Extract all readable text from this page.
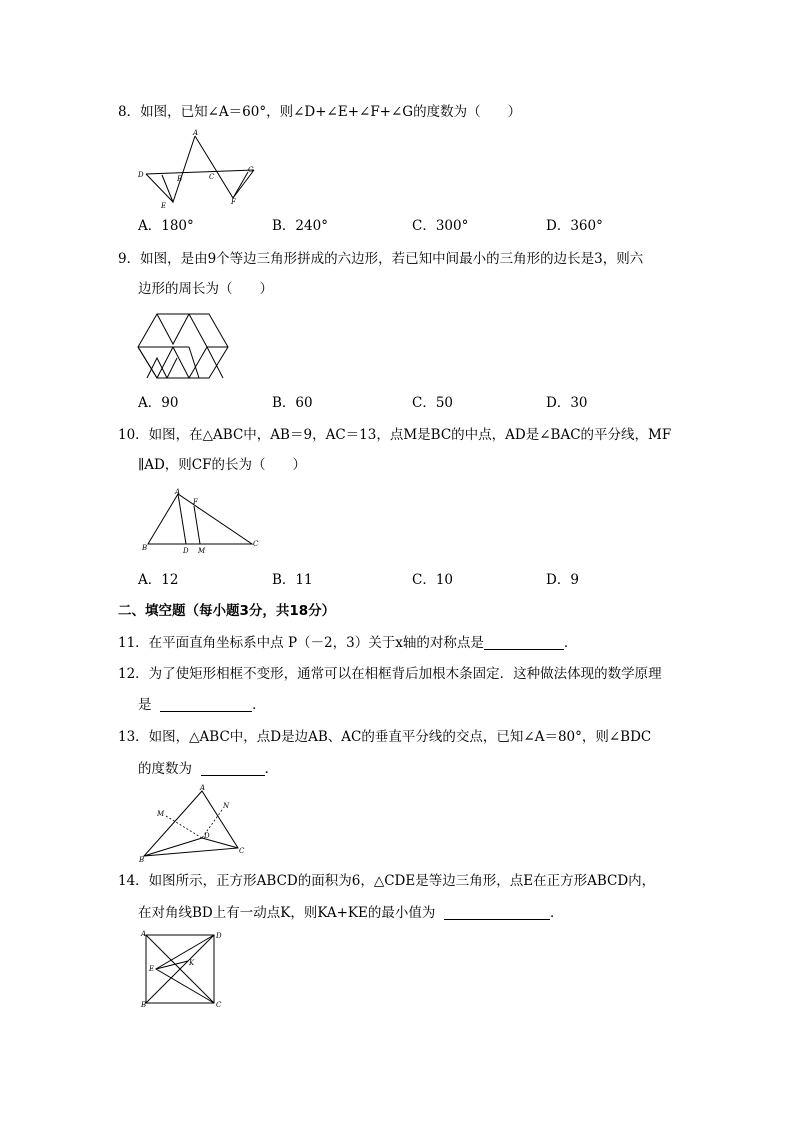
8．如图，已知∠A＝60°，则∠D+∠E+∠F+∠G的度数为（　　）
A
D	B	C
G
E	F
A．180°	B．240°	C．300°	D．360°
9．如图，是由9个等边三角形拼成的六边形，若已知中间最小的三角形的边长是3，则六
边形的周长为（　　）
A．90	B．60	C．50	D．30
10．如图，在△ABC中，AB＝9，AC＝13，点M是BC的中点，AD是∠BAC的平分线，MF
∥AD，则CF的长为（　　）
A
F
B	D M
C
A．12	B．11	C．10	D．9
二、填空题（每小题3分，共18分）
11．在平面直角坐标系中点 P（－2，3）关于x轴的对称点是	．
12．为了使矩形相框不变形，通常可以在相框背后加根木条固定．这种做法体现的数学原理
是	．
13．如图，△ABC中，点D是边AB、AC的垂直平分线的交点，已知∠A＝80°，则∠BDC
的度数为	．
A
M
N
D
B
C
14．如图所示，正方形ABCD的面积为6，△CDE是等边三角形，点E在正方形ABCD内，
在对角线BD上有一动点K，则KA+KE的最小值为	．
A	D
E
K
B	C
